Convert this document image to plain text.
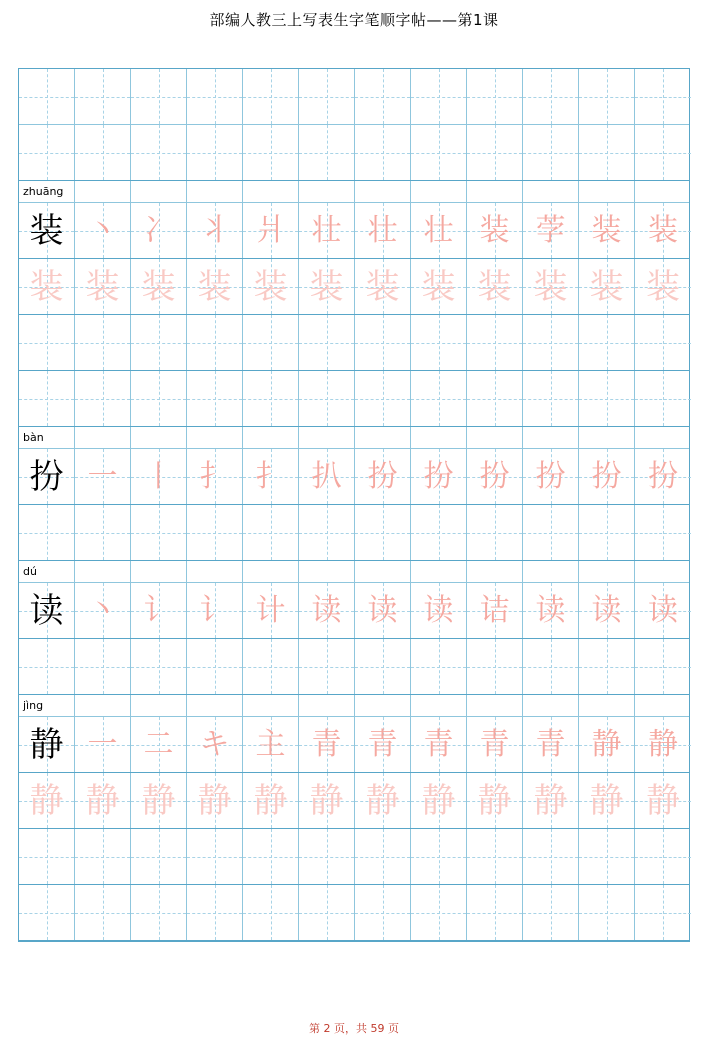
部编人教三上写表生字笔顺字帖——第1课
zhuāng
装 丶 冫 丬 爿 壮 壮 壮 装 茡 装 装
装 装 装 装 装 装 装 装 装 装 装 装
bàn
扮 一 丨 扌 扌 扒 扮 扮 扮 扮 扮 扮
dú
读 丶 讠 讠 计 读 读 读 诘 读 读 读
jìng
静 一 二 キ 主 青 青 青 青 青 静 静
静 静 静 静 静 静 静 静 静 静 静 静
第 2 页，共 59 页
